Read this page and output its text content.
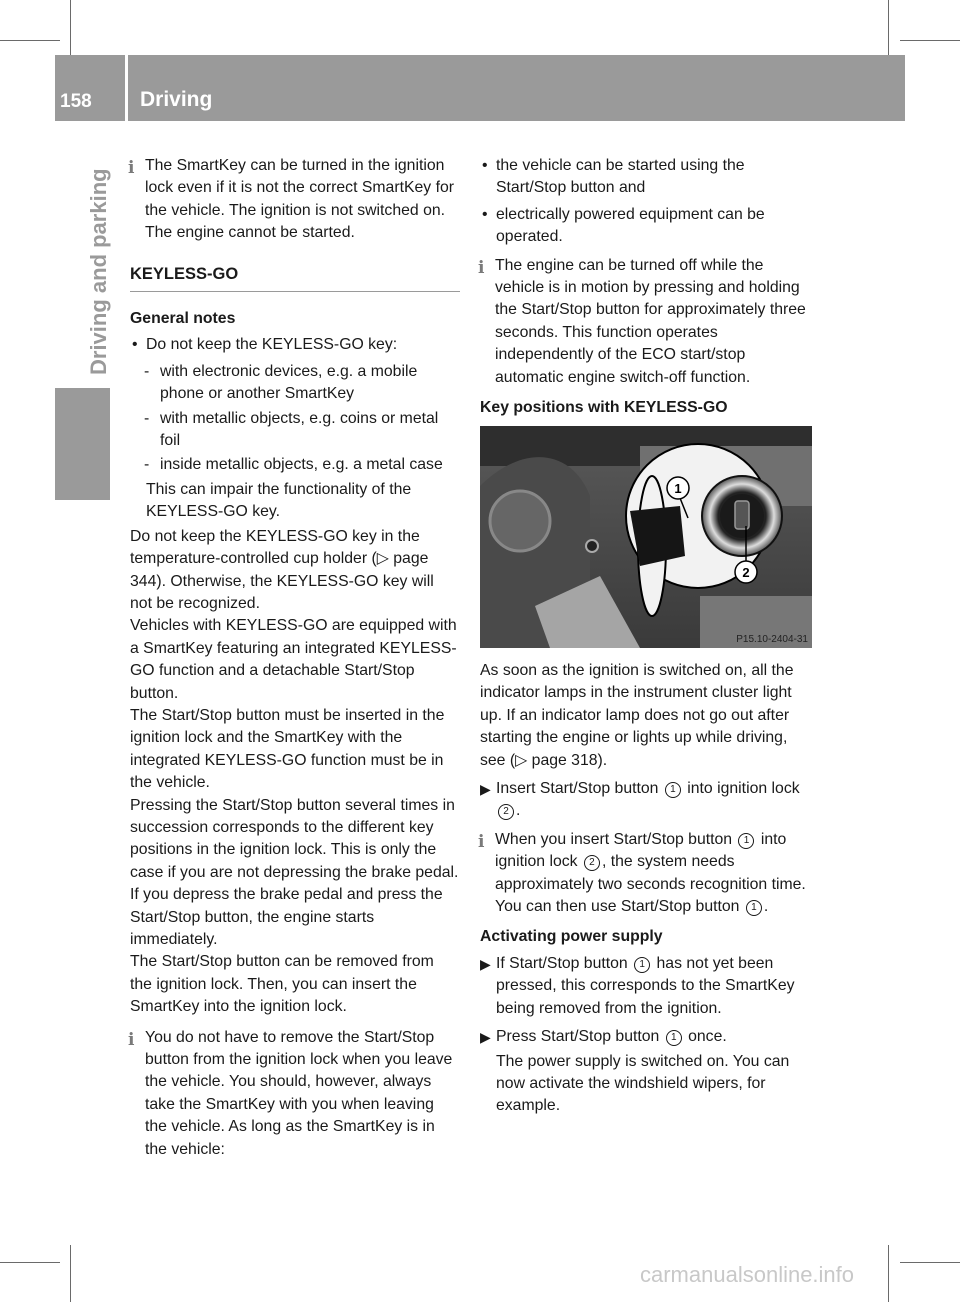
158	Driving
Driving and parking
i The SmartKey can be turned in the ignition lock even if it is not the correct SmartKey for the vehicle. The ignition is not switched on. The engine cannot be started.

KEYLESS-GO
General notes
• Do not keep the KEYLESS-GO key:

- with electronic devices, e.g. a mobile phone or another SmartKey

- with metallic objects, e.g. coins or metal foil

- inside metallic objects, e.g. a metal case

This can impair the functionality of the KEYLESS-GO key.

Do not keep the KEYLESS-GO key in the temperature-controlled cup holder (▷ page 344). Otherwise, the KEYLESS-GO key will not be recognized.

Vehicles with KEYLESS-GO are equipped with a SmartKey featuring an integrated KEYLESS-GO function and a detachable Start/Stop button.

The Start/Stop button must be inserted in the ignition lock and the SmartKey with the integrated KEYLESS-GO function must be in the vehicle.

Pressing the Start/Stop button several times in succession corresponds to the different key positions in the ignition lock. This is only the case if you are not depressing the brake pedal.

If you depress the brake pedal and press the Start/Stop button, the engine starts immediately.

The Start/Stop button can be removed from the ignition lock. Then, you can insert the SmartKey into the ignition lock.

i You do not have to remove the Start/Stop button from the ignition lock when you leave the vehicle. You should, however, always take the SmartKey with you when leaving the vehicle. As long as the SmartKey is in the vehicle:

• the vehicle can be started using the Start/Stop button and

• electrically powered equipment can be operated.

i The engine can be turned off while the vehicle is in motion by pressing and holding the Start/Stop button for approximately three seconds. This function operates independently of the ECO start/stop automatic engine switch-off function.

Key positions with KEYLESS-GO
1
2
P15.10-2404-31

As soon as the ignition is switched on, all the indicator lamps in the instrument cluster light up. If an indicator lamp does not go out after starting the engine or lights up while driving, see (▷ page 318).

▶ Insert Start/Stop button 1 into ignition lock 2 .

i When you insert Start/Stop button 1 into ignition lock 2 , the system needs approximately two seconds recognition time. You can then use Start/Stop button 1 .

Activating power supply
▶ If Start/Stop button 1 has not yet been pressed, this corresponds to the SmartKey being removed from the ignition.

▶ Press Start/Stop button 1 once.

The power supply is switched on. You can now activate the windshield wipers, for example.
carmanualsonline.info
